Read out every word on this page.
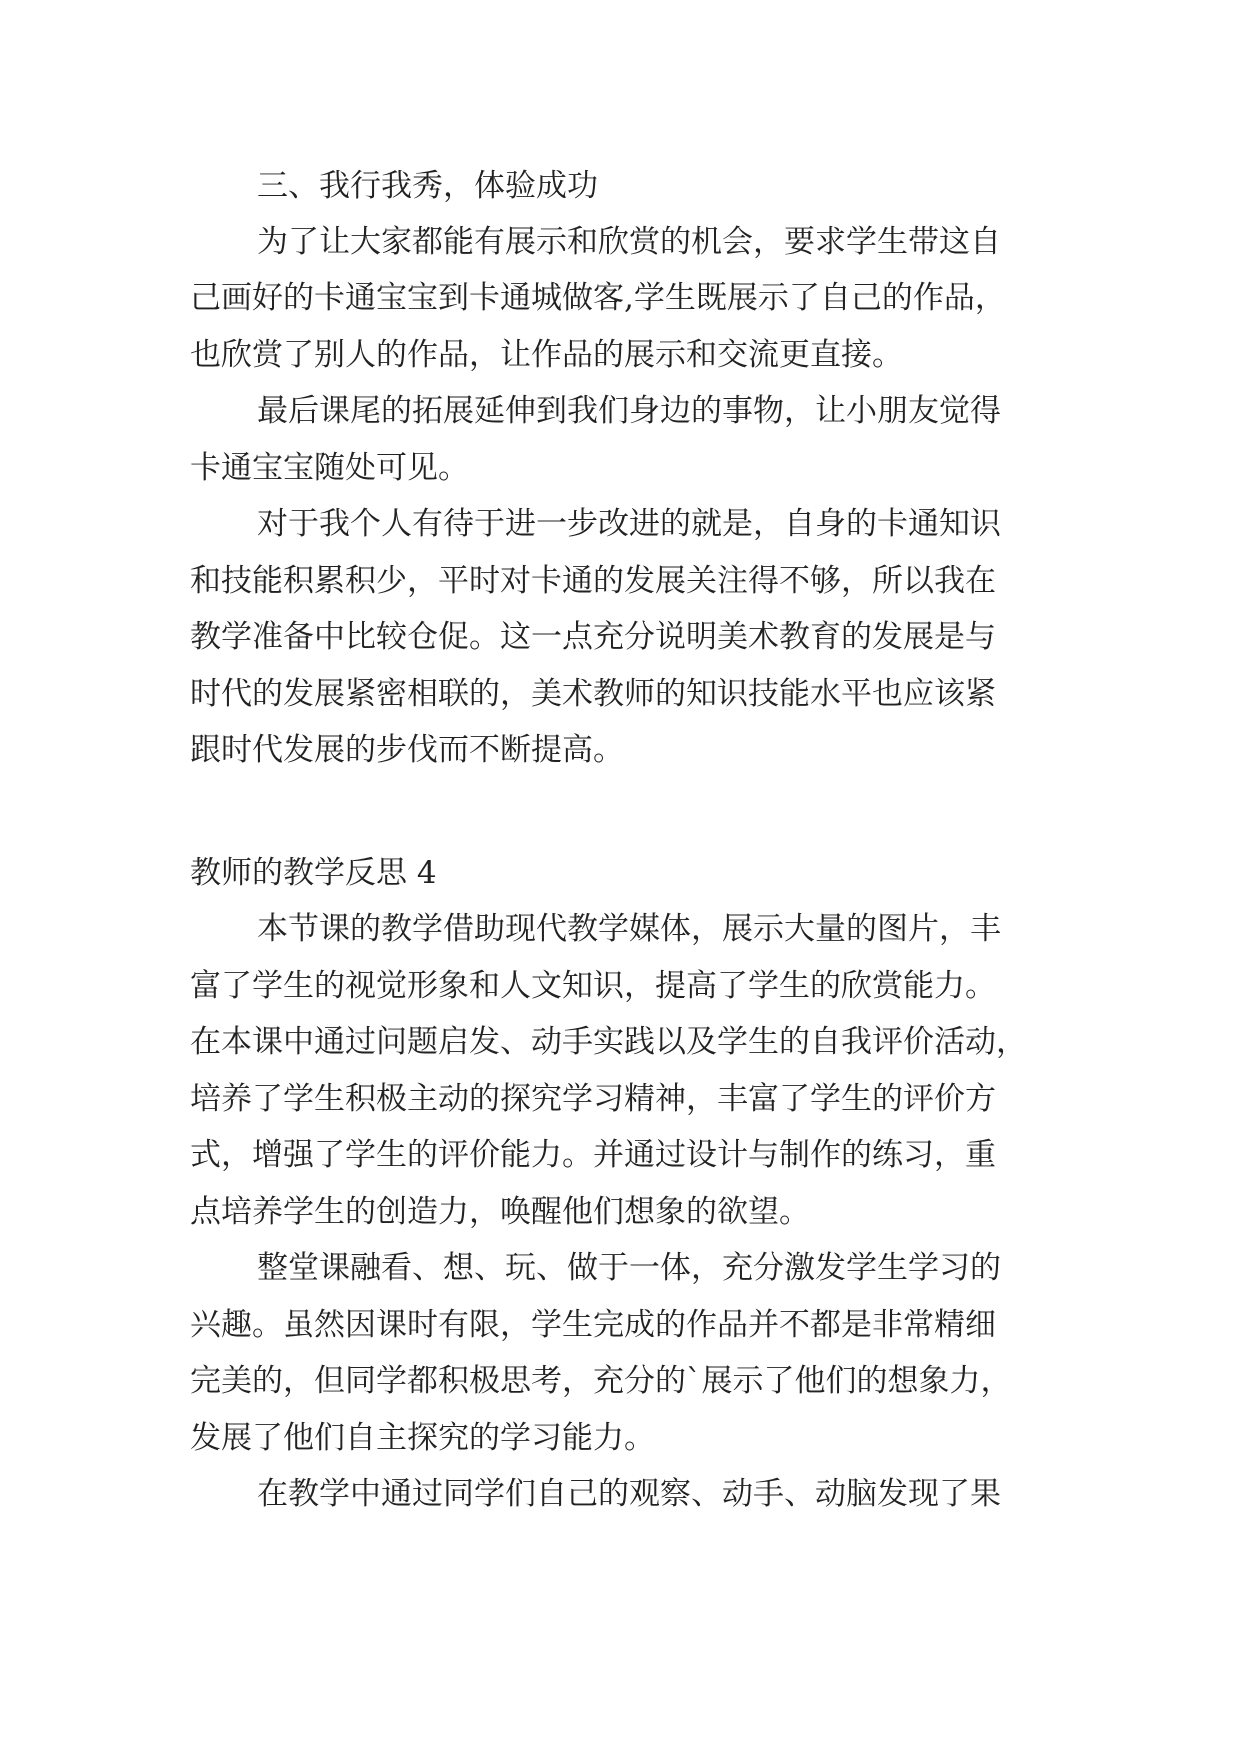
三、我行我秀，体验成功

为了让大家都能有展示和欣赏的机会，要求学生带这自

己画好的卡通宝宝到卡通城做客,学生既展示了自己的作品，

也欣赏了别人的作品，让作品的展示和交流更直接。

最后课尾的拓展延伸到我们身边的事物，让小朋友觉得

卡通宝宝随处可见。

对于我个人有待于进一步改进的就是，自身的卡通知识

和技能积累积少，平时对卡通的发展关注得不够，所以我在

教学准备中比较仓促。这一点充分说明美术教育的发展是与

时代的发展紧密相联的，美术教师的知识技能水平也应该紧

跟时代发展的步伐而不断提高。

教师的教学反思 4

本节课的教学借助现代教学媒体，展示大量的图片，丰

富了学生的视觉形象和人文知识，提高了学生的欣赏能力。

在本课中通过问题启发、动手实践以及学生的自我评价活动，

培养了学生积极主动的探究学习精神，丰富了学生的评价方

式，增强了学生的评价能力。并通过设计与制作的练习，重

点培养学生的创造力，唤醒他们想象的欲望。

整堂课融看、想、玩、做于一体，充分激发学生学习的

兴趣。虽然因课时有限，学生完成的作品并不都是非常精细

完美的，但同学都积极思考，充分的`展示了他们的想象力，

发展了他们自主探究的学习能力。

在教学中通过同学们自己的观察、动手、动脑发现了果
